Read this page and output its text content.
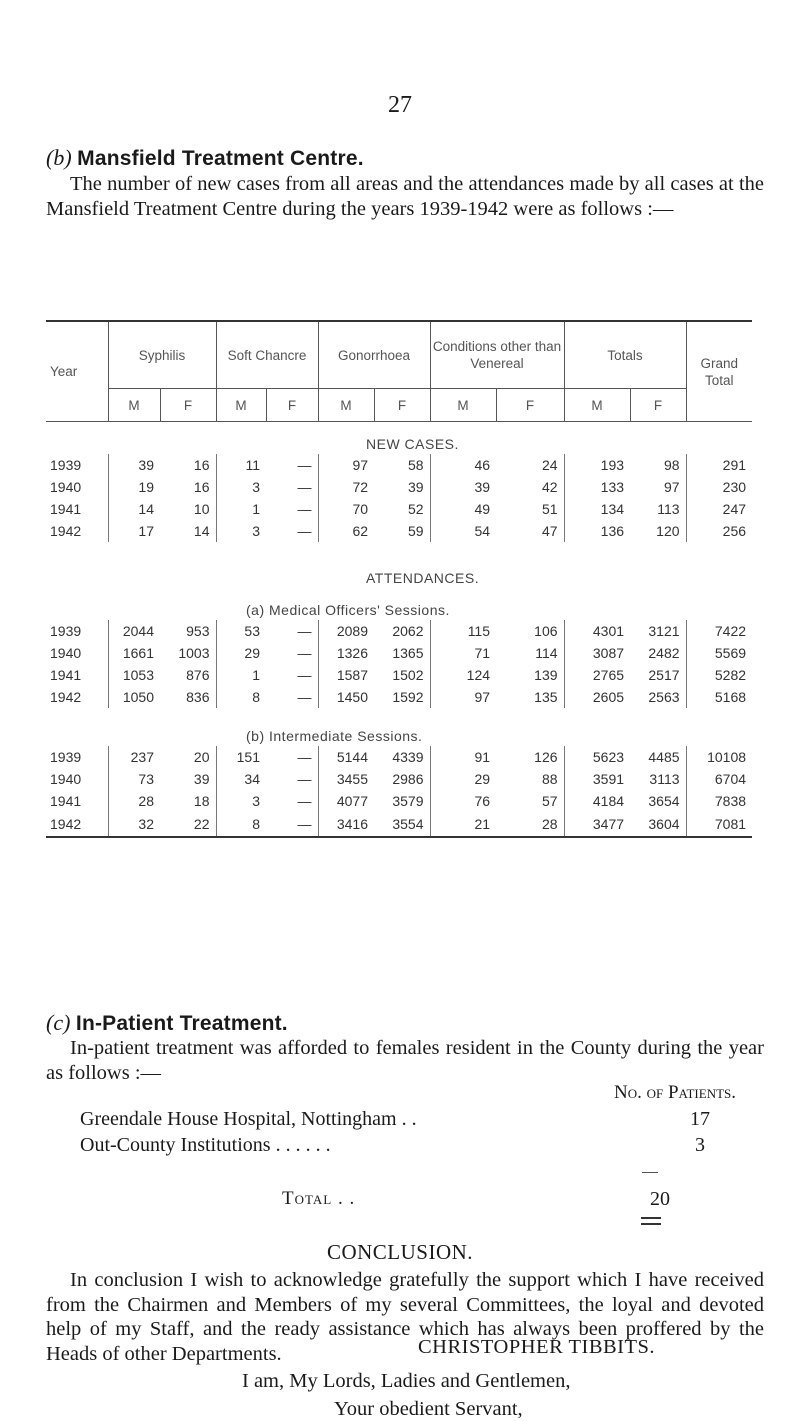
27
(b) Mansfield Treatment Centre.
The number of new cases from all areas and the attendances made by all cases at the Mansfield Treatment Centre during the years 1939-1942 were as follows :—
Year	Syphilis		Soft Chancre		Gonorrhoea		Conditions other than Venereal		Totals		Grand Total
	M	F	M	F	M	F	M	F	M	F	
NEW CASES.											
1939	39	16	11	—	97	58	46	24	193	98	291
1940	19	16	3	—	72	39	39	42	133	97	230
1941	14	10	1	—	70	52	49	51	134	113	247
1942	17	14	3	—	62	59	54	47	136	120	256
ATTENDANCES.											
(a) Medical Officers' Sessions.											
1939	2044	953	53	—	2089	2062	115	106	4301	3121	7422
1940	1661	1003	29	—	1326	1365	71	114	3087	2482	5569
1941	1053	876	1	—	1587	1502	124	139	2765	2517	5282
1942	1050	836	8	—	1450	1592	97	135	2605	2563	5168
(b) Intermediate Sessions.											
1939	237	20	151	—	5144	4339	91	126	5623	4485	10108
1940	73	39	34	—	3455	2986	29	88	3591	3113	6704
1941	28	18	3	—	4077	3579	76	57	4184	3654	7838
1942	32	22	8	—	3416	3554	21	28	3477	3604	7081
(c) In-Patient Treatment.
In-patient treatment was afforded to females resident in the County during the year as follows :—
No. of Patients.
Greendale House Hospital, Nottingham . .	17
Out-County Institutions . . . . . .	3
Total . .	20
CONCLUSION.
In conclusion I wish to acknowledge gratefully the support which I have received from the Chairmen and Members of my several Committees, the loyal and devoted help of my Staff, and the ready assistance which has always been proffered by the Heads of other Departments.
I am, My Lords, Ladies and Gentlemen,
CHRISTOPHER TIBBITS.
Your obedient Servant,
